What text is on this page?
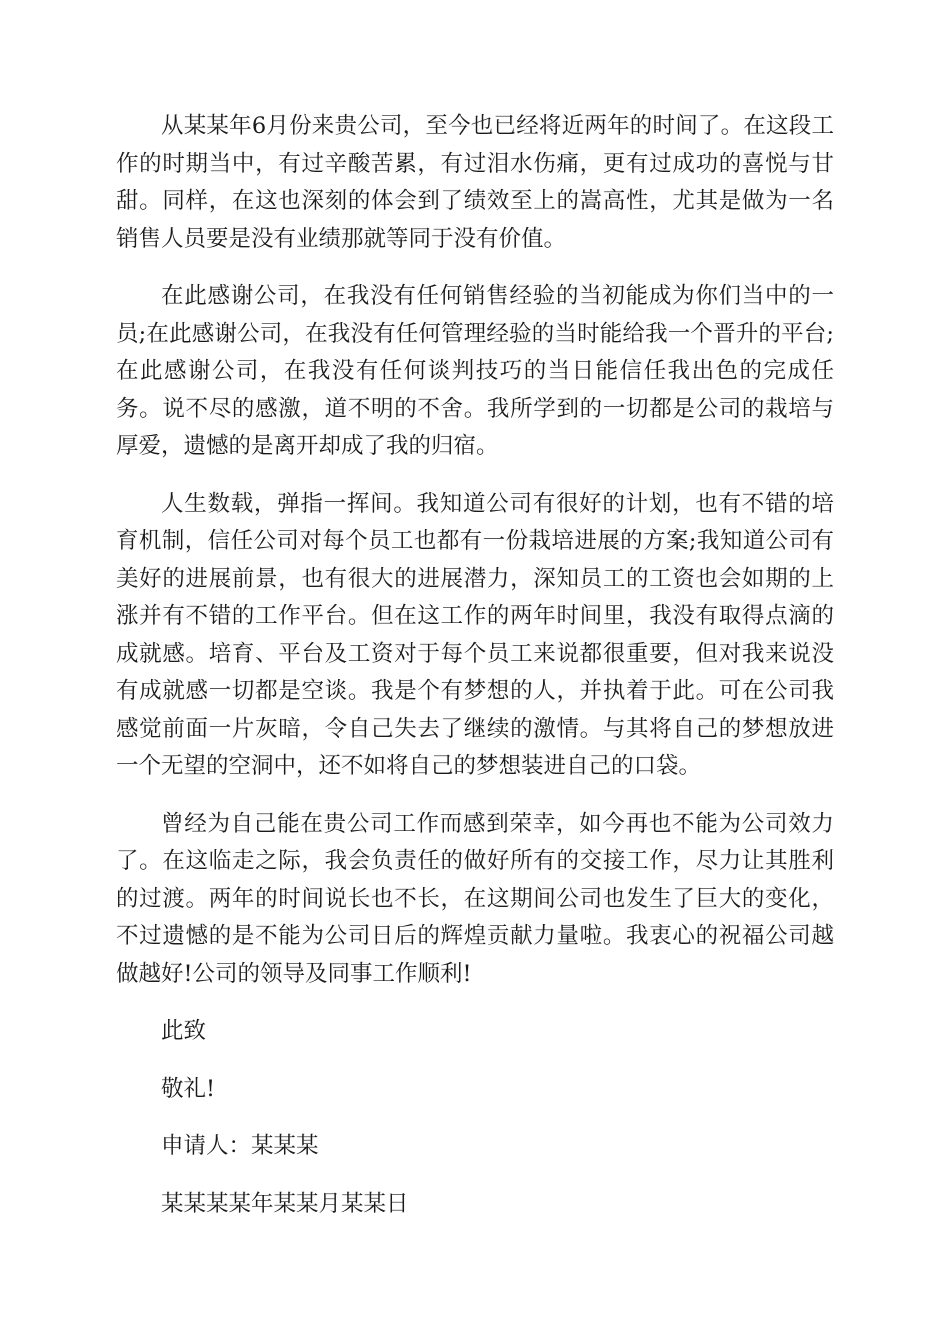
从某某年6月份来贵公司，至今也已经将近两年的时间了。在这段工作的时期当中，有过辛酸苦累，有过泪水伤痛，更有过成功的喜悦与甘甜。同样，在这也深刻的体会到了绩效至上的嵩高性，尤其是做为一名销售人员要是没有业绩那就等同于没有价值。

在此感谢公司，在我没有任何销售经验的当初能成为你们当中的一员;在此感谢公司，在我没有任何管理经验的当时能给我一个晋升的平台;在此感谢公司，在我没有任何谈判技巧的当日能信任我出色的完成任务。说不尽的感激，道不明的不舍。我所学到的一切都是公司的栽培与厚爱，遗憾的是离开却成了我的归宿。

人生数载，弹指一挥间。我知道公司有很好的计划，也有不错的培育机制，信任公司对每个员工也都有一份栽培进展的方案;我知道公司有美好的进展前景，也有很大的进展潜力，深知员工的工资也会如期的上涨并有不错的工作平台。但在这工作的两年时间里，我没有取得点滴的成就感。培育、平台及工资对于每个员工来说都很重要，但对我来说没有成就感一切都是空谈。我是个有梦想的人，并执着于此。可在公司我感觉前面一片灰暗，令自己失去了继续的激情。与其将自己的梦想放进一个无望的空洞中，还不如将自己的梦想装进自己的口袋。

曾经为自己能在贵公司工作而感到荣幸，如今再也不能为公司效力了。在这临走之际，我会负责任的做好所有的交接工作，尽力让其胜利的过渡。两年的时间说长也不长，在这期间公司也发生了巨大的变化，不过遗憾的是不能为公司日后的辉煌贡献力量啦。我衷心的祝福公司越做越好!公司的领导及同事工作顺利!

此致
敬礼!
申请人：某某某
某某某某年某某月某某日
